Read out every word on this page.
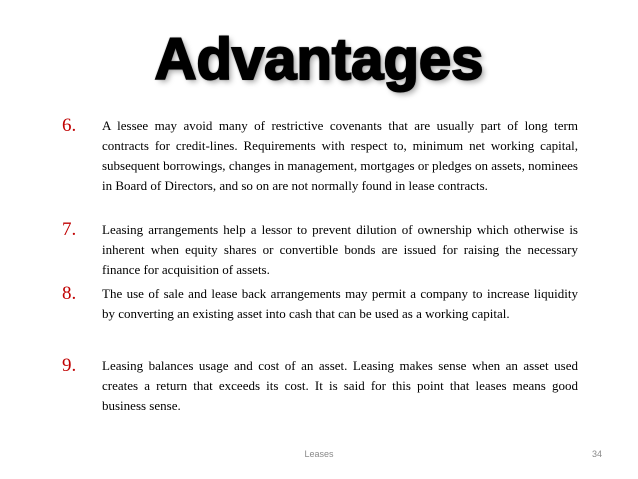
Advantages
6.	A lessee may avoid many of restrictive covenants that are usually part of long term contracts for credit-lines. Requirements with respect to, minimum net working capital, subsequent borrowings, changes in management, mortgages or pledges on assets, nominees in Board of Directors, and so on are not normally found in lease contracts.
7.	Leasing arrangements help a lessor to prevent dilution of ownership which otherwise is inherent when equity shares or convertible bonds are issued for raising the necessary finance for acquisition of assets.
8.	The use of sale and lease back arrangements may permit a company to increase liquidity by converting an existing asset into cash that can be used as a working capital.
9.	Leasing balances usage and cost of an asset. Leasing makes sense when an asset used creates a return that exceeds its cost. It is said for this point that leases means good business sense.
Leases	34
